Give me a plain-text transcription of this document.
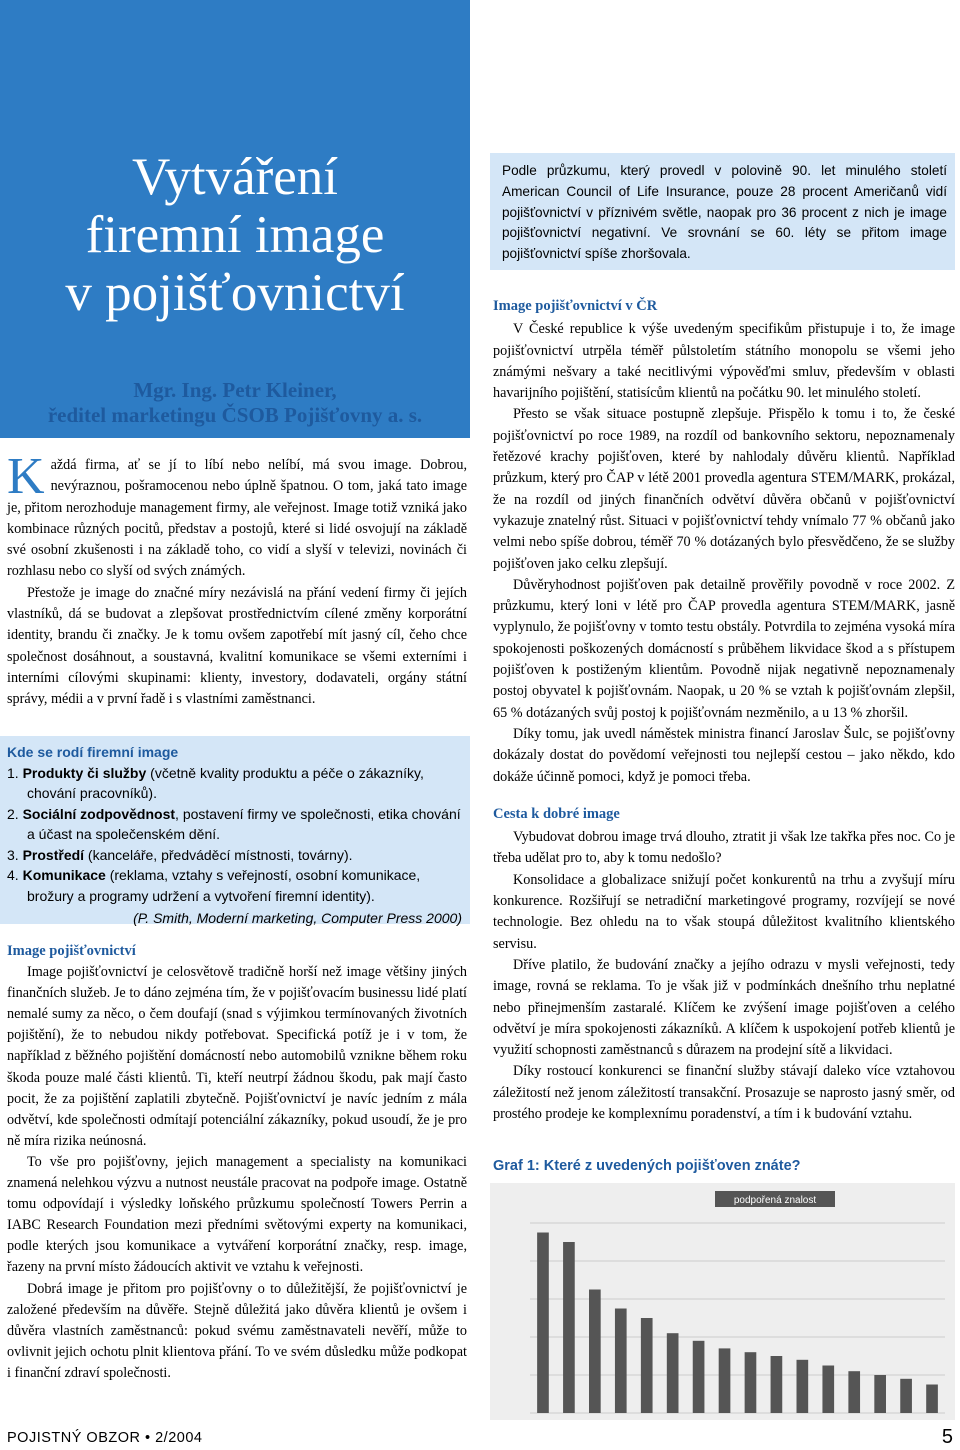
Vytváření
firemní image
v pojišťovnictví
Mgr. Ing. Petr Kleiner,
ředitel marketingu ČSOB Pojišťovny a. s.

Každá firma, ať se jí to líbí nebo nelíbí, má svou image. Dobrou, nevýraznou, pošramocenou nebo úplně špatnou. O tom, jaká tato image je, přitom nerozhoduje management firmy, ale veřejnost. Image totiž vzniká jako kombinace různých pocitů, představ a postojů, které si lidé osvojují na základě své osobní zkušenosti i na základě toho, co vidí a slyší v televizi, novinách či rozhlasu nebo co slyší od svých známých.

Přestože je image do značné míry nezávislá na přání vedení firmy či jejích vlastníků, dá se budovat a zlepšovat prostřednictvím cílené změny korporátní identity, brandu či značky. Je k tomu ovšem zapotřebí mít jasný cíl, čeho chce společnost dosáhnout, a soustavná, kvalitní komunikace se všemi externími i interními cílovými skupinami: klienty, investory, dodavateli, orgány státní správy, médii a v první řadě i s vlastními zaměstnanci.

Kde se rodí firemní image
1. Produkty či služby (včetně kvality produktu a péče o zákazníky, chování pracovníků).
2. Sociální zodpovědnost, postavení firmy ve společnosti, etika chování a účast na společenském dění.
3. Prostředí (kanceláře, předváděcí místnosti, továrny).
4. Komunikace (reklama, vztahy s veřejností, osobní komunikace, brožury a programy udržení a vytvoření firemní identity).
(P. Smith, Moderní marketing, Computer Press 2000)
Image pojišťovnictví

Image pojišťovnictví je celosvětově tradičně horší než image většiny jiných finančních služeb. Je to dáno zejména tím, že v pojišťovacím businessu lidé platí nemalé sumy za něco, o čem doufají (snad s výjimkou termínovaných životních pojištění), že to nebudou nikdy potřebovat. Specifická potíž je i v tom, že například z běžného pojištění domácností nebo automobilů vznikne během roku škoda pouze malé části klientů. Ti, kteří neutrpí žádnou škodu, pak mají často pocit, že za pojištění zaplatili zbytečně. Pojišťovnictví je navíc jedním z mála odvětví, kde společnosti odmítají potenciální zákazníky, pokud usoudí, že je pro ně míra rizika neúnosná.

To vše pro pojišťovny, jejich management a specialisty na komunikaci znamená nelehkou výzvu a nutnost neustále pracovat na podpoře image. Ostatně tomu odpovídají i výsledky loňského průzkumu společností Towers Perrin a IABC Research Foundation mezi předními světovými experty na komunikaci, podle kterých jsou komunikace a vytváření korporátní značky, resp. image, řazeny na první místo žádoucích aktivit ve vztahu k veřejnosti.

Dobrá image je přitom pro pojišťovny o to důležitější, že pojišťovnictví je založené především na důvěře. Stejně důležitá jako důvěra klientů je ovšem i důvěra vlastních zaměstnanců: pokud svému zaměstnavateli nevěří, může to ovlivnit jejich ochotu plnit klientova přání. To ve svém důsledku může podkopat i finanční zdraví společnosti.

Podle průzkumu, který provedl v polovině 90. let minulého století American Council of Life Insurance, pouze 28 procent Američanů vidí pojišťovnictví v příznivém světle, naopak pro 36 procent z nich je image pojišťovnictví negativní. Ve srovnání se 60. léty se přitom image pojišťovnictví spíše zhoršovala.

Image pojišťovnictví v ČR

V České republice k výše uvedeným specifikům přistupuje i to, že image pojišťovnictví utrpěla téměř půlstoletím státního monopolu se všemi jeho známými nešvary a také necitlivými výpověďmi smluv, především v oblasti havarijního pojištění, statisícům klientů na počátku 90. let minulého století.

Přesto se však situace postupně zlepšuje. Přispělo k tomu i to, že české pojišťovnictví po roce 1989, na rozdíl od bankovního sektoru, nepoznamenaly řetězové krachy pojišťoven, které by nahlodaly důvěru klientů. Například průzkum, který pro ČAP v létě 2001 provedla agentura STEM/MARK, prokázal, že na rozdíl od jiných finančních odvětví důvěra občanů v pojišťovnictví vykazuje znatelný růst. Situaci v pojišťovnictví tehdy vnímalo 77 % občanů jako velmi nebo spíše dobrou, téměř 70 % dotázaných bylo přesvědčeno, že se služby pojišťoven jako celku zlepšují.

Důvěryhodnost pojišťoven pak detailně prověřily povodně v roce 2002. Z průzkumu, který loni v létě pro ČAP provedla agentura STEM/MARK, jasně vyplynulo, že pojišťovny v tomto testu obstály. Potvrdila to zejména vysoká míra spokojenosti poškozených domácností s průběhem likvidace škod a s přístupem pojišťoven k postiženým klientům. Povodně nijak negativně nepoznamenaly postoj obyvatel k pojišťovnám. Naopak, u 20 % se vztah k pojišťovnám zlepšil, 65 % dotázaných svůj postoj k pojišťovnám nezměnilo, a u 13 % zhoršil.

Díky tomu, jak uvedl náměstek ministra financí Jaroslav Šulc, se pojišťovny dokázaly dostat do povědomí veřejnosti tou nejlepší cestou – jako někdo, kdo dokáže účinně pomoci, když je pomoci třeba.

Cesta k dobré image

Vybudovat dobrou image trvá dlouho, ztratit ji však lze takřka přes noc. Co je třeba udělat pro to, aby k tomu nedošlo?

Konsolidace a globalizace snižují počet konkurentů na trhu a zvyšují míru konkurence. Rozšiřují se netradiční marketingové programy, rozvíjejí se nové technologie. Bez ohledu na to však stoupá důležitost kvalitního klientského servisu.

Dříve platilo, že budování značky a jejího odrazu v mysli veřejnosti, tedy image, rovná se reklama. To je však již v podmínkách dnešního trhu neplatné nebo přinejmenším zastaralé. Klíčem ke zvýšení image pojišťoven a celého odvětví je míra spokojenosti zákazníků. A klíčem k uspokojení potřeb klientů je využití schopnosti zaměstnanců s důrazem na prodejní sítě a likvidaci.

Díky rostoucí konkurenci se finanční služby stávají daleko více vztahovou záležitostí než jenom záležitostí transakční. Prosazuje se naprosto jasný směr, od prostého prodeje ke komplexnímu poradenství, a tím i k budování vztahu.

Graf 1: Které z uvedených pojišťoven znáte?
podpořená znalost
POJISTNÝ OBZOR • 2/2004	5
